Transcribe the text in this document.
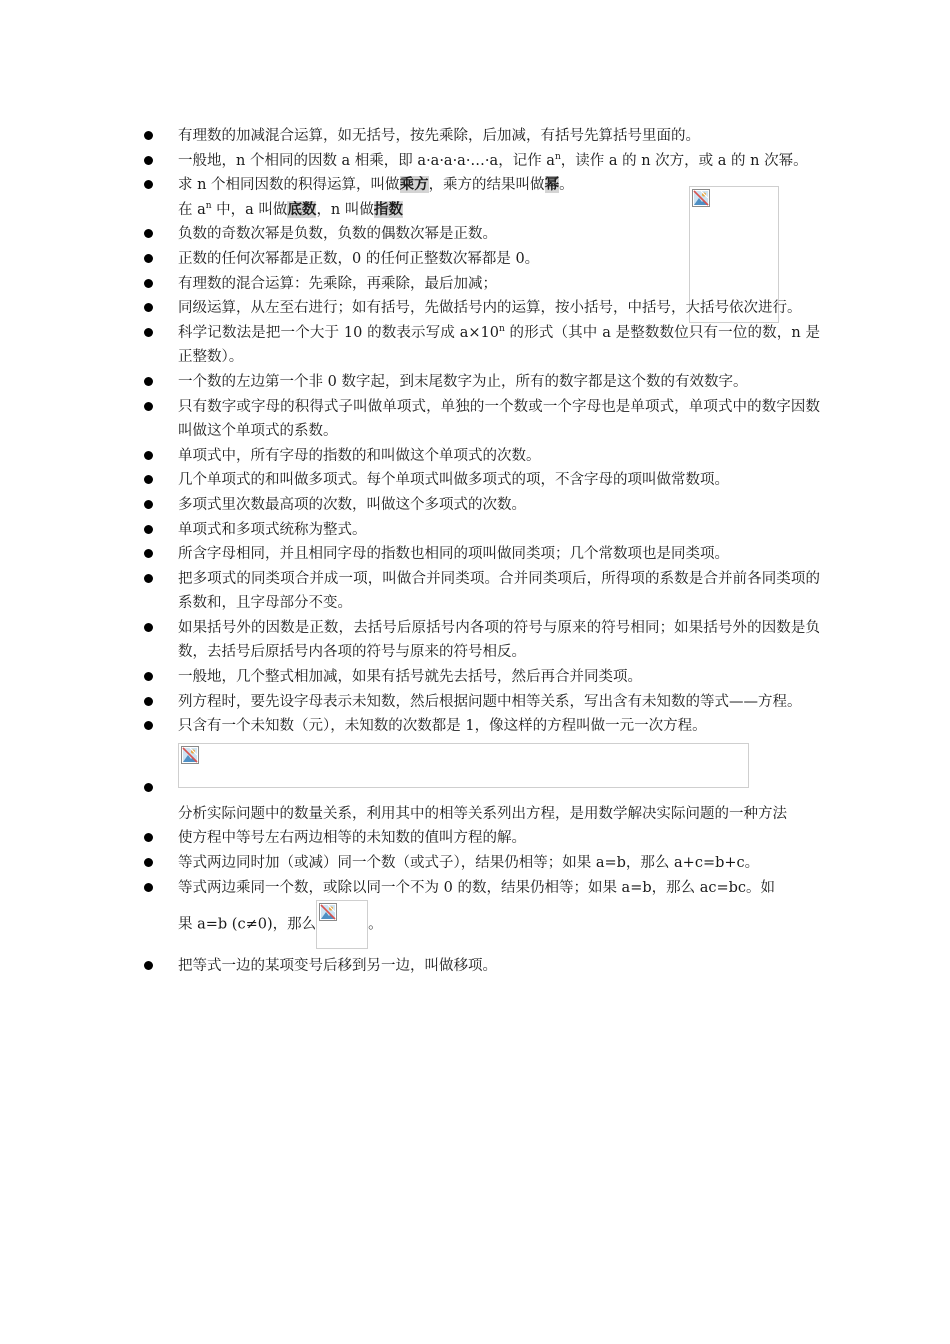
有理数的加减混合运算，如无括号，按先乘除，后加减，有括号先算括号里面的。
一般地，n 个相同的因数 a 相乘，即 a·a·a·a·…·a，记作 $a^n$，读作 a 的 n 次方，或 a 的 n 次幂。
求 n 个相同因数的积得运算，叫做乘方，乘方的结果叫做幂。
在 $a^n$ 中，a 叫做底数，n 叫做指数
负数的奇数次幂是负数，负数的偶数次幂是正数。
正数的任何次幂都是正数，0 的任何正整数次幂都是 0。
有理数的混合运算：先乘除，再乘除，最后加减；
同级运算，从左至右进行；如有括号，先做括号内的运算，按小括号，中括号，大括号依次进行。
科学记数法是把一个大于 10 的数表示写成 $a\times 10^n$ 的形式（其中 a 是整数数位只有一位的数，n 是正整数）。
一个数的左边第一个非 0 数字起，到末尾数字为止，所有的数字都是这个数的有效数字。
只有数字或字母的积得式子叫做单项式，单独的一个数或一个字母也是单项式，单项式中的数字因数叫做这个单项式的系数。
单项式中，所有字母的指数的和叫做这个单项式的次数。
几个单项式的和叫做多项式。每个单项式叫做多项式的项，不含字母的项叫做常数项。
多项式里次数最高项的次数，叫做这个多项式的次数。
单项式和多项式统称为整式。
所含字母相同，并且相同字母的指数也相同的项叫做同类项；几个常数项也是同类项。
把多项式的同类项合并成一项，叫做合并同类项。合并同类项后，所得项的系数是合并前各同类项的系数和，且字母部分不变。
如果括号外的因数是正数，去括号后原括号内各项的符号与原来的符号相同；如果括号外的因数是负数，去括号后原括号内各项的符号与原来的符号相反。
一般地，几个整式相加减，如果有括号就先去括号，然后再合并同类项。
列方程时，要先设字母表示未知数，然后根据问题中相等关系，写出含有未知数的等式——方程。
只含有一个未知数（元），未知数的次数都是 1，像这样的方程叫做一元一次方程。
分析实际问题中的数量关系，利用其中的相等关系列出方程，是用数学解决实际问题的一种方法
使方程中等号左右两边相等的未知数的值叫方程的解。
等式两边同时加（或减）同一个数（或式子），结果仍相等；如果 a=b，那么 a+c=b+c。
等式两边乘同一个数，或除以同一个不为 0 的数，结果仍相等；如果 a=b，那么 ac=bc。如
果 a=b (c≠0)，那么	。
把等式一边的某项变号后移到另一边，叫做移项。
